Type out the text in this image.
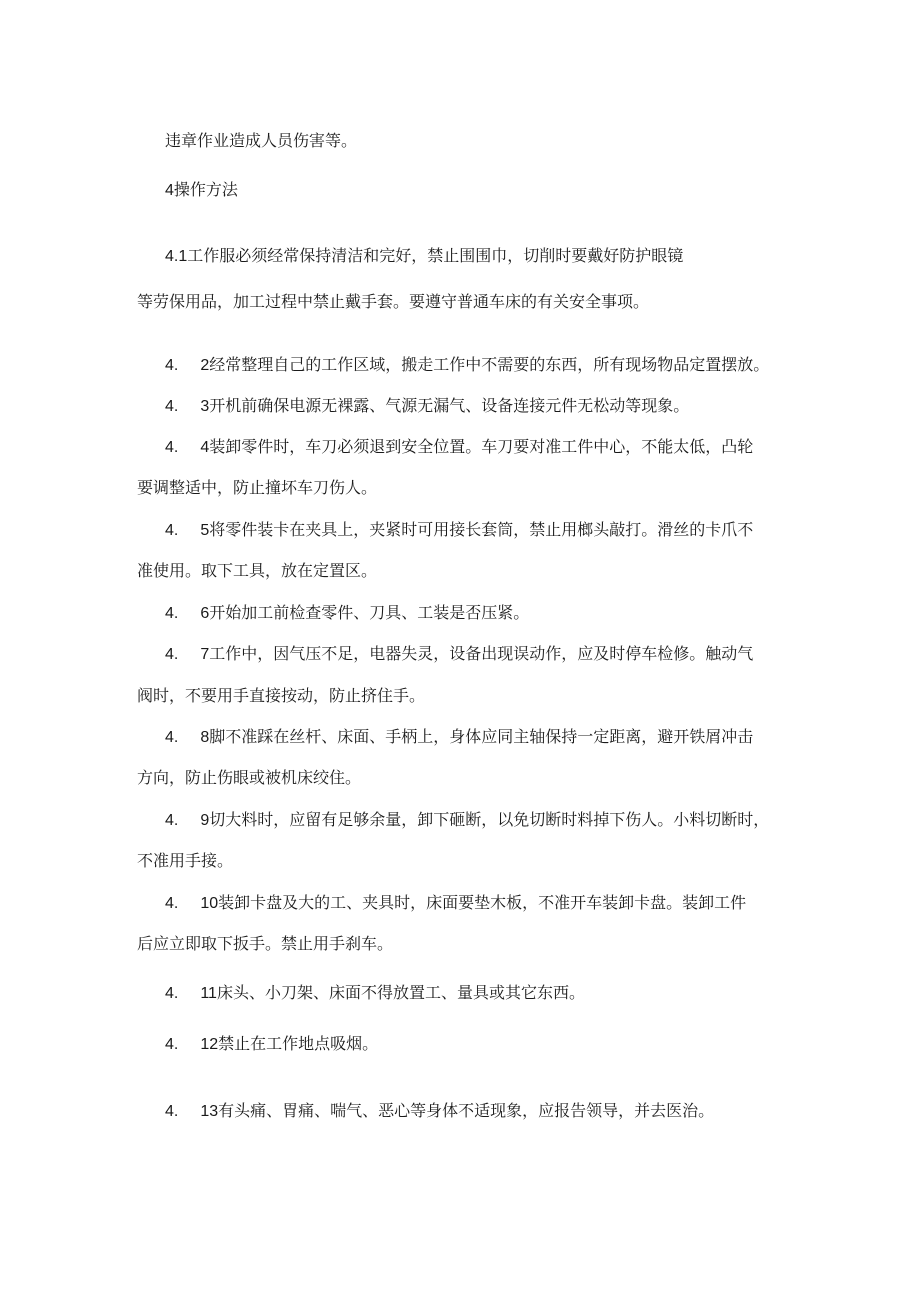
违章作业造成人员伤害等。
4操作方法
4.1工作服必须经常保持清洁和完好，禁止围围巾，切削时要戴好防护眼镜
等劳保用品，加工过程中禁止戴手套。要遵守普通车床的有关安全事项。
4. 2经常整理自己的工作区域，搬走工作中不需要的东西，所有现场物品定置摆放。
4. 3开机前确保电源无裸露、气源无漏气、设备连接元件无松动等现象。
4. 4装卸零件时，车刀必须退到安全位置。车刀要对准工件中心，不能太低，凸轮
要调整适中，防止撞坏车刀伤人。
4. 5将零件装卡在夹具上，夹紧时可用接长套筒，禁止用榔头敲打。滑丝的卡爪不
准使用。取下工具，放在定置区。
4. 6开始加工前检查零件、刀具、工装是否压紧。
4. 7工作中，因气压不足，电器失灵，设备出现误动作，应及时停车检修。触动气
阀时，不要用手直接按动，防止挤住手。
4. 8脚不准踩在丝杆、床面、手柄上，身体应同主轴保持一定距离，避开铁屑冲击
方向，防止伤眼或被机床绞住。
4. 9切大料时，应留有足够余量，卸下砸断，以免切断时料掉下伤人。小料切断时，
不准用手接。
4. 10装卸卡盘及大的工、夹具时，床面要垫木板，不准开车装卸卡盘。装卸工件
后应立即取下扳手。禁止用手刹车。
4. 11床头、小刀架、床面不得放置工、量具或其它东西。
4. 12禁止在工作地点吸烟。
4. 13有头痛、胃痛、喘气、恶心等身体不适现象，应报告领导，并去医治。
